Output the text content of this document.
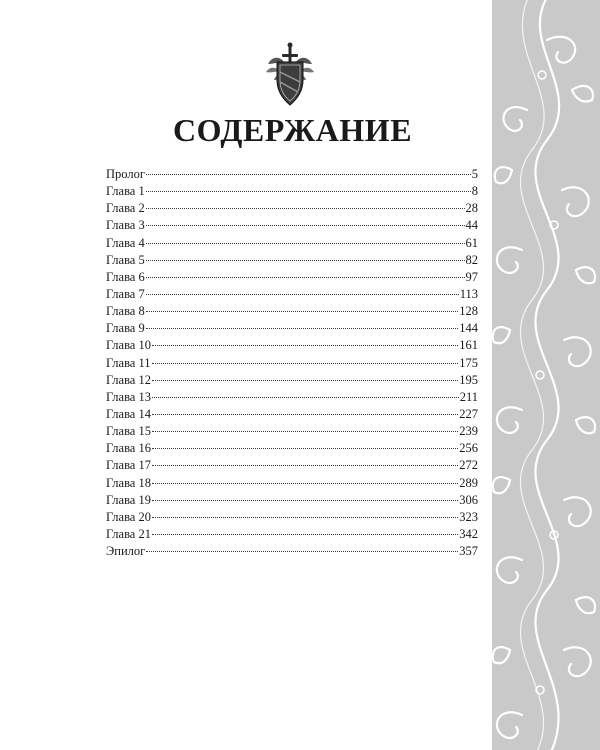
СОДЕРЖАНИЕ
Пролог	5
Глава 1	8
Глава 2	28
Глава 3	44
Глава 4	61
Глава 5	82
Глава 6	97
Глава 7	113
Глава 8	128
Глава 9	144
Глава 10	161
Глава 11	175
Глава 12	195
Глава 13	211
Глава 14	227
Глава 15	239
Глава 16	256
Глава 17	272
Глава 18	289
Глава 19	306
Глава 20	323
Глава 21	342
Эпилог	357
